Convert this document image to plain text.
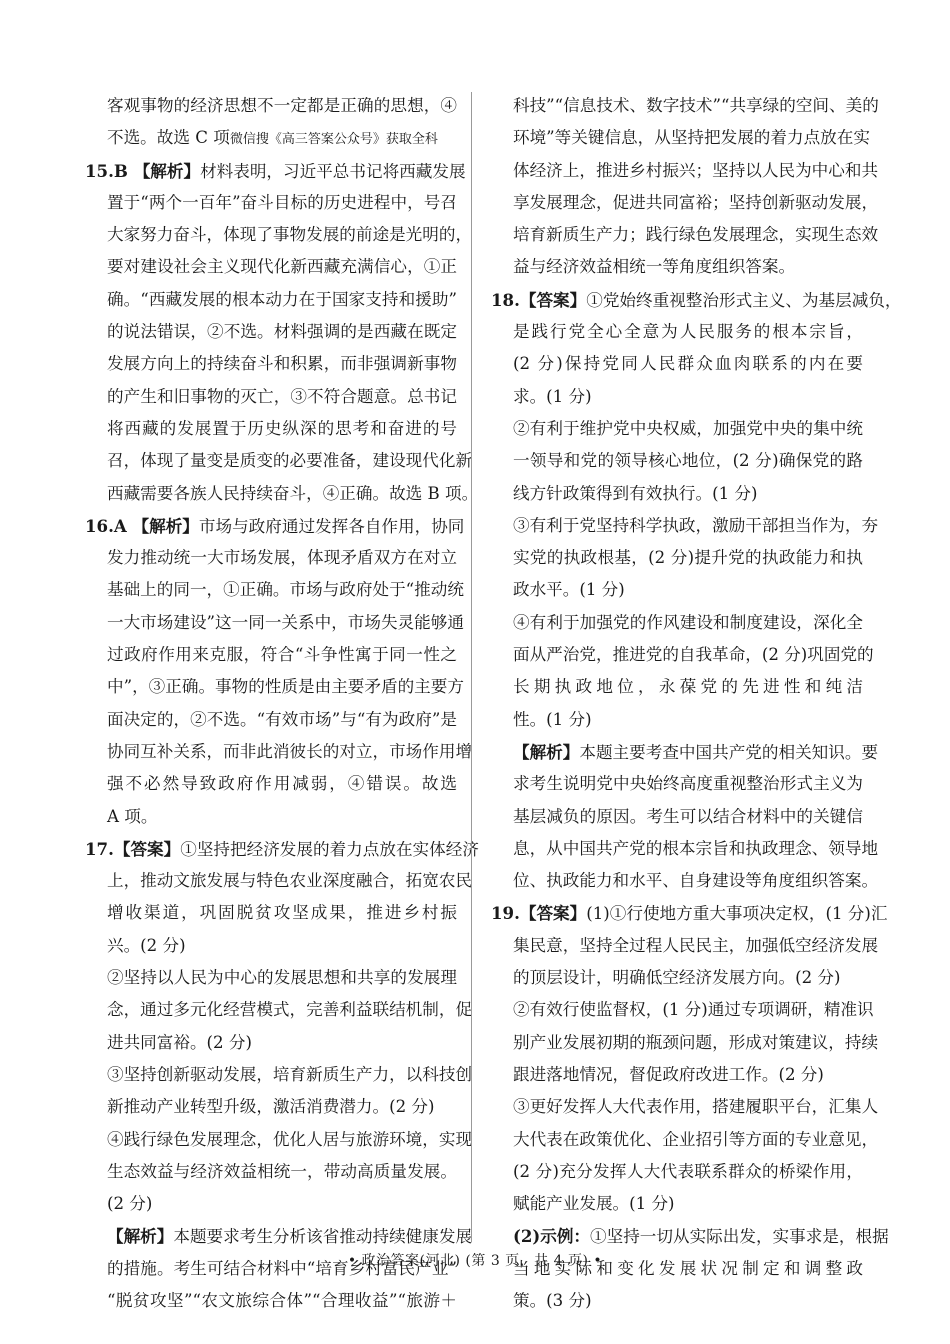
客观事物的经济思想不一定都是正确的思想，④
不选。故选 C 项微信搜《高三答案公众号》获取全科
15.B 【解析】材料表明，习近平总书记将西藏发展
置于“两个一百年”奋斗目标的历史进程中，号召
大家努力奋斗，体现了事物发展的前途是光明的，
要对建设社会主义现代化新西藏充满信心，①正
确。“西藏发展的根本动力在于国家支持和援助”
的说法错误，②不选。材料强调的是西藏在既定
发展方向上的持续奋斗和积累，而非强调新事物
的产生和旧事物的灭亡，③不符合题意。总书记
将西藏的发展置于历史纵深的思考和奋进的号
召，体现了量变是质变的必要准备，建设现代化新
西藏需要各族人民持续奋斗，④正确。故选 B 项。
16.A 【解析】市场与政府通过发挥各自作用，协同
发力推动统一大市场发展，体现矛盾双方在对立
基础上的同一，①正确。市场与政府处于“推动统
一大市场建设”这一同一关系中，市场失灵能够通
过政府作用来克服，符合“斗争性寓于同一性之
中”，③正确。事物的性质是由主要矛盾的主要方
面决定的，②不选。“有效市场”与“有为政府”是
协同互补关系，而非此消彼长的对立，市场作用增
强不必然导致政府作用减弱，④错误。故选
A 项。
17.【答案】①坚持把经济发展的着力点放在实体经济
上，推动文旅发展与特色农业深度融合，拓宽农民
增收渠道，巩固脱贫攻坚成果，推进乡村振
兴。(2 分)
②坚持以人民为中心的发展思想和共享的发展理
念，通过多元化经营模式，完善利益联结机制，促
进共同富裕。(2 分)
③坚持创新驱动发展，培育新质生产力，以科技创
新推动产业转型升级，激活消费潜力。(2 分)
④践行绿色发展理念，优化人居与旅游环境，实现
生态效益与经济效益相统一，带动高质量发展。
(2 分)
【解析】本题要求考生分析该省推动持续健康发展
的措施。考生可结合材料中“培育乡村富民产业”
“脱贫攻坚”“农文旅综合体”“合理收益”“旅游＋
科技”“信息技术、数字技术”“共享绿的空间、美的
环境”等关键信息，从坚持把发展的着力点放在实
体经济上，推进乡村振兴；坚持以人民为中心和共
享发展理念，促进共同富裕；坚持创新驱动发展，
培育新质生产力；践行绿色发展理念，实现生态效
益与经济效益相统一等角度组织答案。
18.【答案】①党始终重视整治形式主义、为基层减负，
是践行党全心全意为人民服务的根本宗旨，
(2 分)保持党同人民群众血肉联系的内在要
求。(1 分)
②有利于维护党中央权威，加强党中央的集中统
一领导和党的领导核心地位，(2 分)确保党的路
线方针政策得到有效执行。(1 分)
③有利于党坚持科学执政，激励干部担当作为，夯
实党的执政根基，(2 分)提升党的执政能力和执
政水平。(1 分)
④有利于加强党的作风建设和制度建设，深化全
面从严治党，推进党的自我革命，(2 分)巩固党的
长期执政地位，永葆党的先进性和纯洁
性。(1 分)
【解析】本题主要考查中国共产党的相关知识。要
求考生说明党中央始终高度重视整治形式主义为
基层减负的原因。考生可以结合材料中的关键信
息，从中国共产党的根本宗旨和执政理念、领导地
位、执政能力和水平、自身建设等角度组织答案。
19.【答案】(1)①行使地方重大事项决定权，(1 分)汇
集民意，坚持全过程人民民主，加强低空经济发展
的顶层设计，明确低空经济发展方向。(2 分)
②有效行使监督权，(1 分)通过专项调研，精准识
别产业发展初期的瓶颈问题，形成对策建议，持续
跟进落地情况，督促政府改进工作。(2 分)
③更好发挥人大代表作用，搭建履职平台，汇集人
大代表在政策优化、企业招引等方面的专业意见，
(2 分)充分发挥人大代表联系群众的桥梁作用，
赋能产业发展。(1 分)
(2)示例：①坚持一切从实际出发，实事求是，根据
当地实际和变化发展状况制定和调整政
策。(3 分)
• 政治答案(河北) (第 3 页，共 4 页) •
